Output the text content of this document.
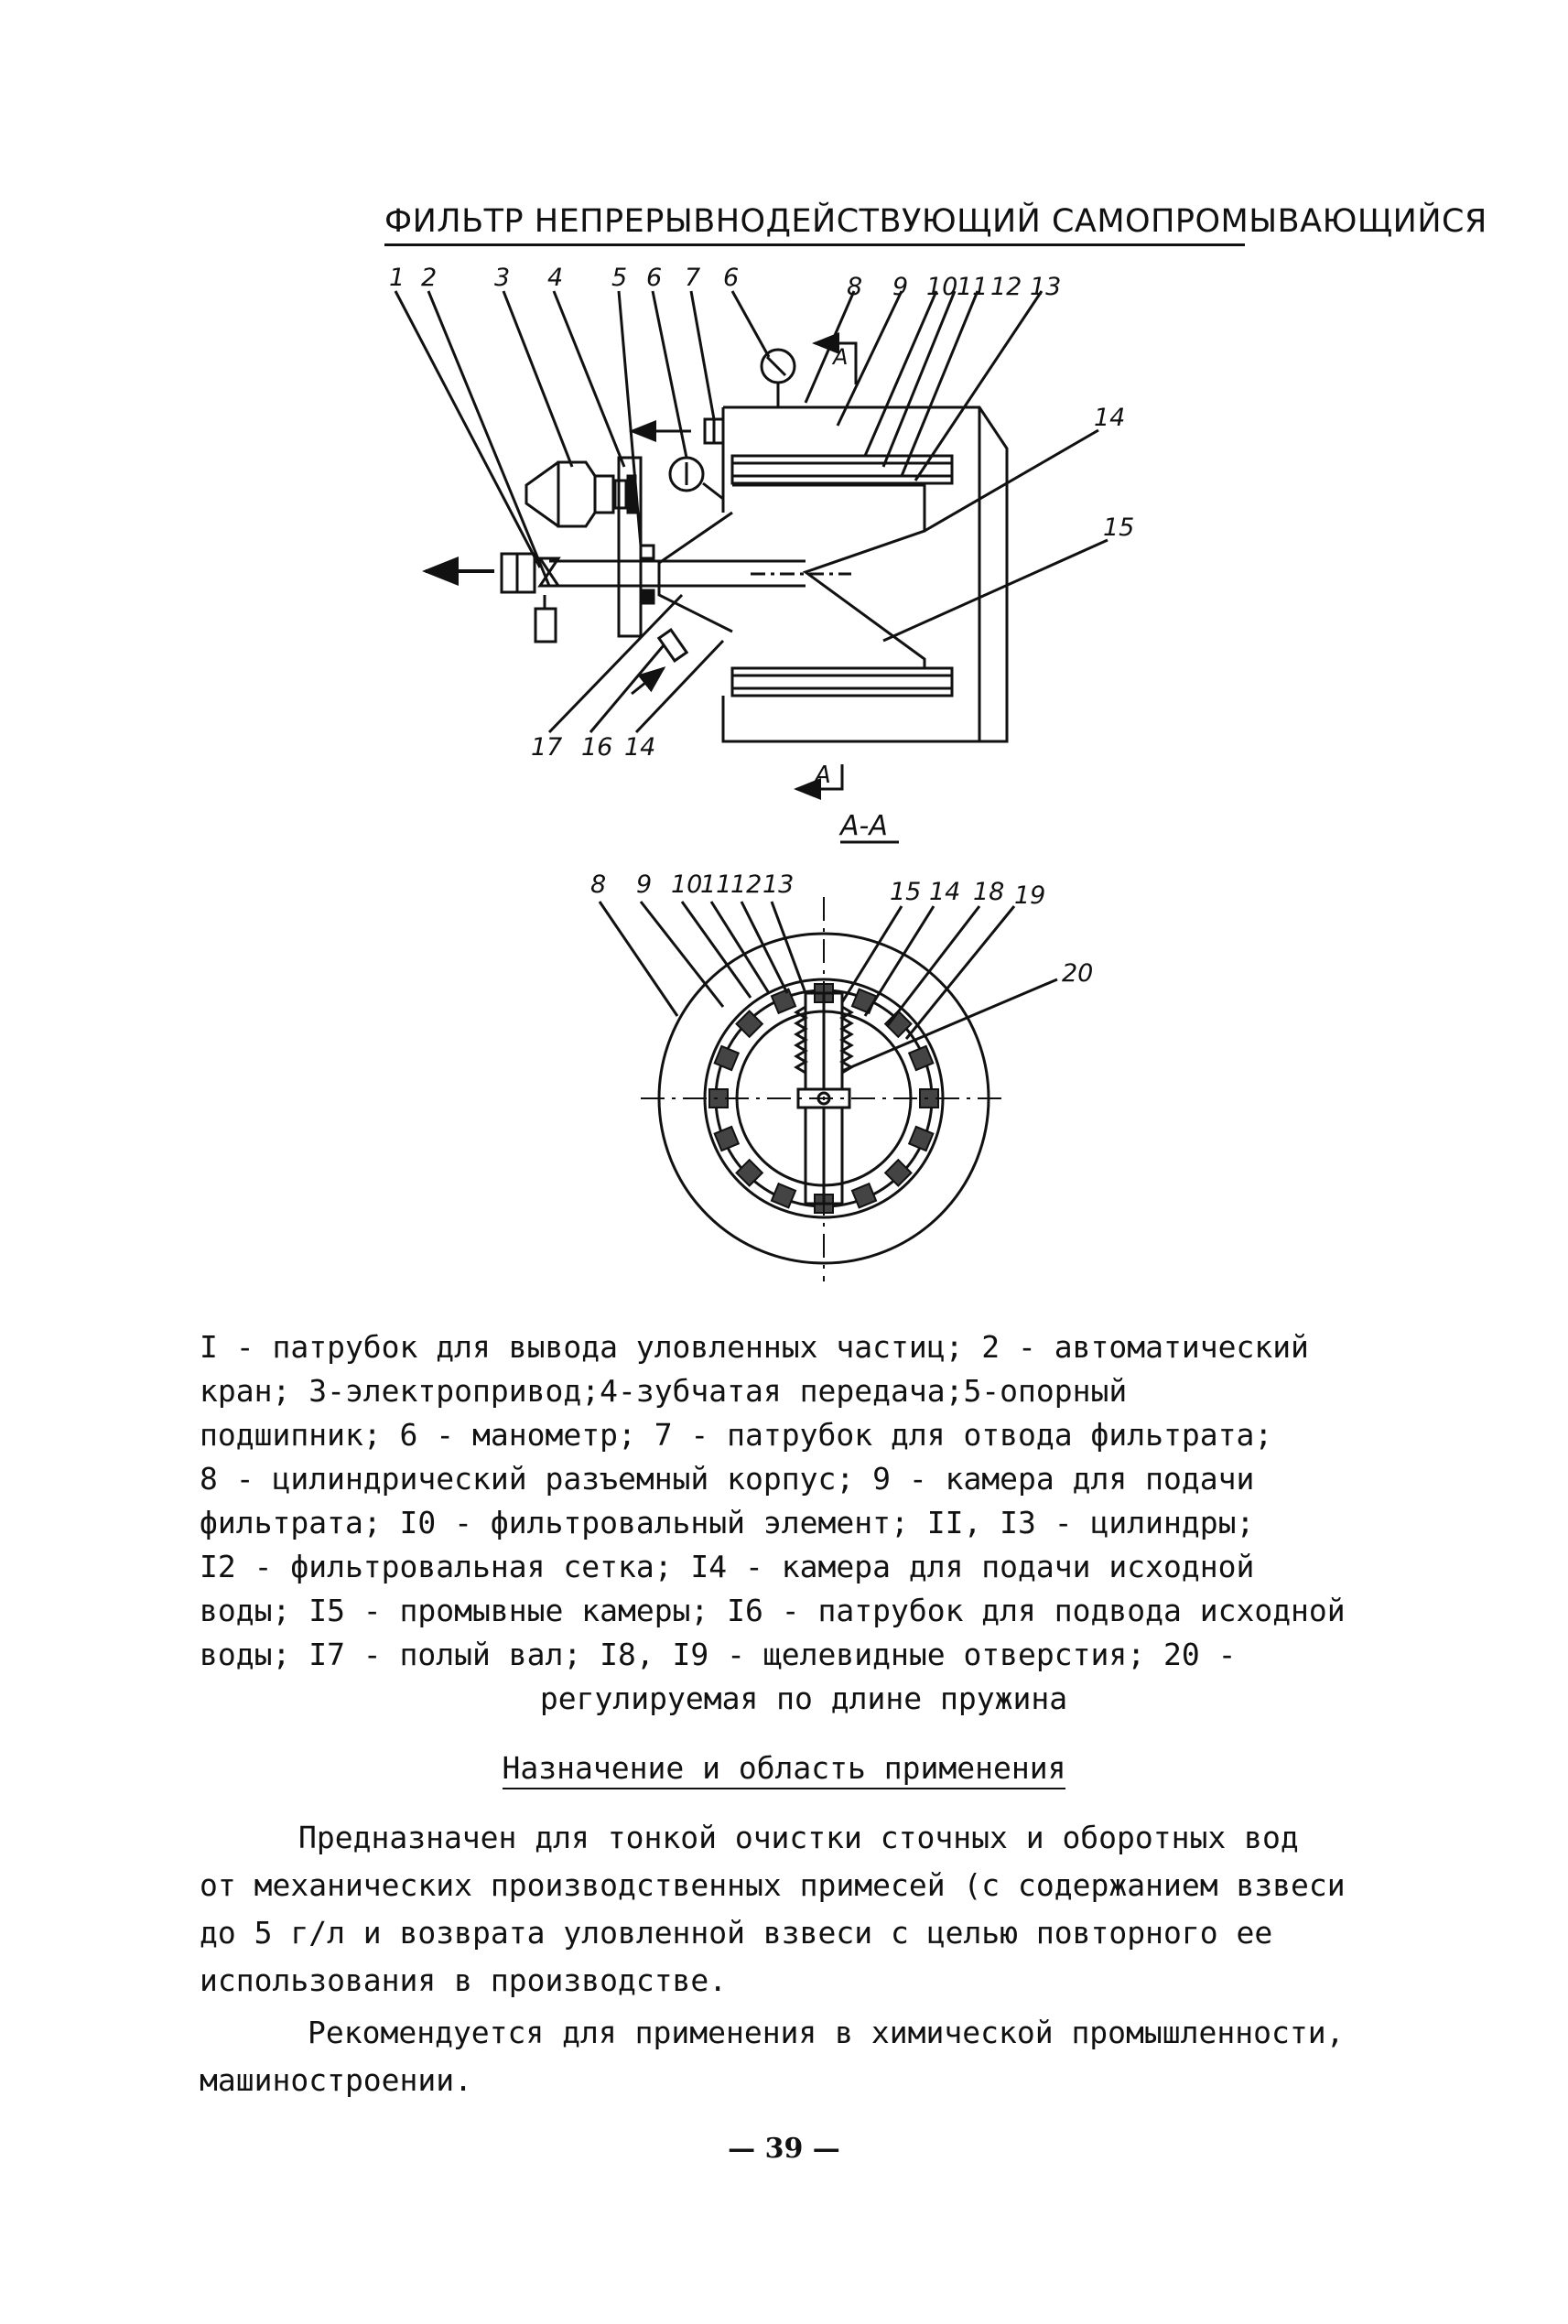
ФИЛЬТР НЕПРЕРЫВНОДЕЙСТВУЮЩИЙ САМОПРОМЫВАЮЩИЙСЯ
1 2 3 4 5 6 7 6	8 9 10
11 12 13
14
15
17 16 14
A
A
A-A
8 9 10
11
12 13	15 14 18 19
20
I - патрубок для вывода уловленных частиц; 2 - автоматический
кран; 3-электропривод;4-зубчатая передача;5-опорный
подшипник; 6 - манометр; 7 - патрубок для отвода фильтрата;
8 - цилиндрический разъемный корпус; 9 - камера для подачи
фильтрата; I0 - фильтровальный элемент; II, I3 - цилиндры;
I2 - фильтровальная сетка; I4 - камера для подачи исходной
воды; I5 - промывные камеры; I6 - патрубок для подвода исходной
воды; I7 - полый вал; I8, I9 - щелевидные отверстия; 20 -
регулируемая по длине пружина
Назначение и область применения
Предназначен для тонкой очистки сточных и оборотных вод
от механических производственных примесей (с содержанием взвеси
до 5 г/л и возврата уловленной взвеси с целью повторного ее
использования в производстве.
Рекомендуется для применения в химической промышленности,
машиностроении.
— 39 —
